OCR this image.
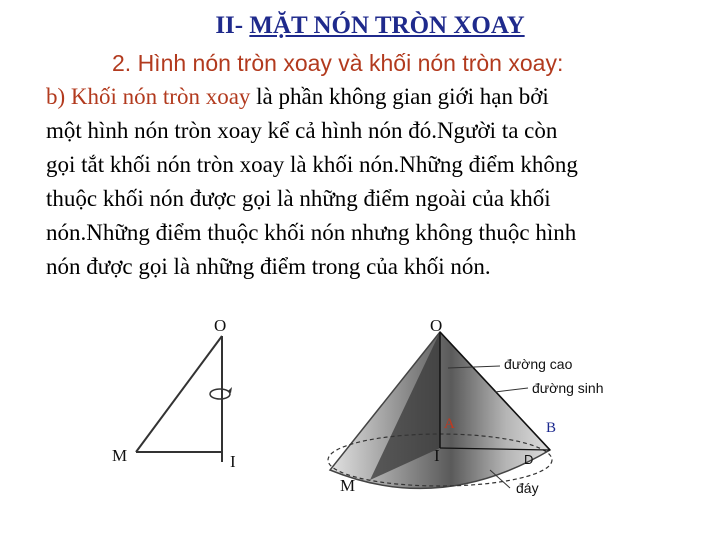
II- MẶT NÓN TRÒN XOAY
2. Hình nón tròn xoay và khối nón tròn xoay:
b) Khối nón tròn xoay là phần không gian giới hạn bởi
một hình nón tròn xoay kể cả hình nón đó.Người ta còn
gọi tắt khối nón tròn xoay là khối nón.Những điểm không
thuộc khối nón được gọi là những điểm ngoài của khối
nón.Những điểm thuộc khối nón nhưng không thuộc hình
nón được gọi là những điểm trong của khối nón.
O
M	I
O
A	B
I
M
đường cao
đường sinh
D
đáy
